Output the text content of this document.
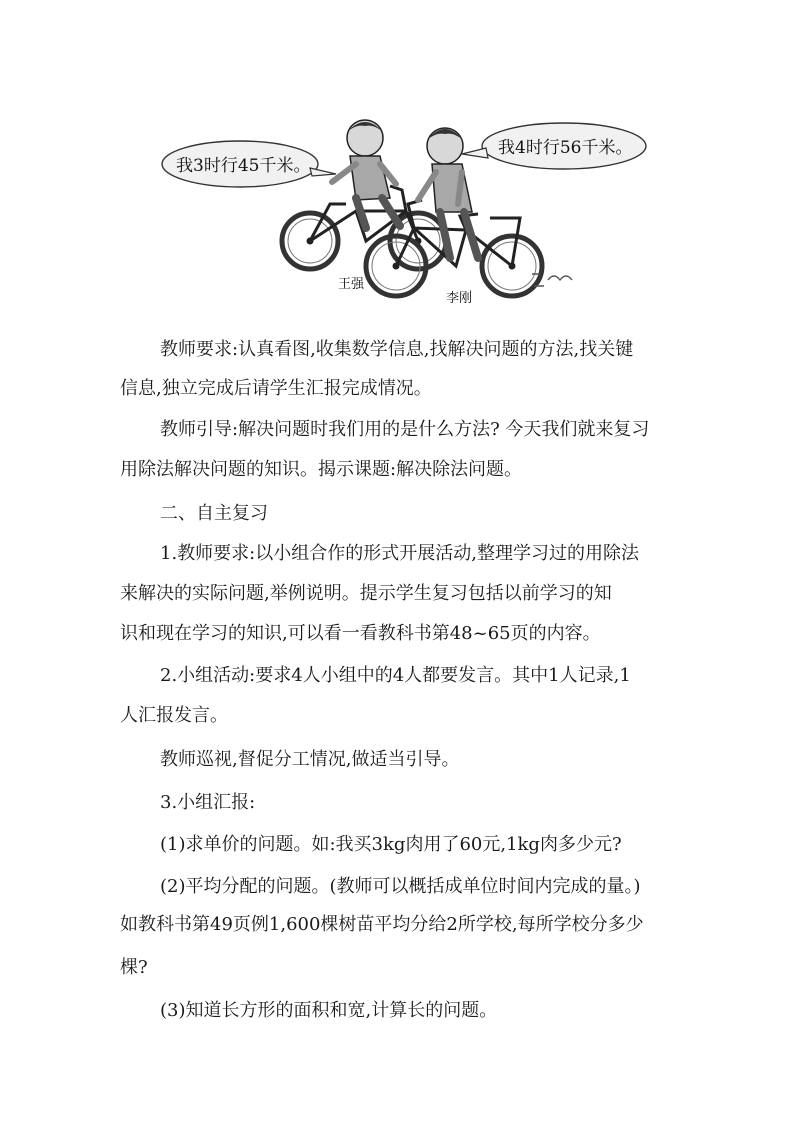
我3时行45千米。
我4时行56千米。
王强
李刚
教师要求:认真看图,收集数学信息,找解决问题的方法,找关键
信息,独立完成后请学生汇报完成情况。
教师引导:解决问题时我们用的是什么方法? 今天我们就来复习
用除法解决问题的知识。揭示课题:解决除法问题。
二、自主复习
1.教师要求:以小组合作的形式开展活动,整理学习过的用除法
来解决的实际问题,举例说明。提示学生复习包括以前学习的知
识和现在学习的知识,可以看一看教科书第48~65页的内容。
2.小组活动:要求4人小组中的4人都要发言。其中1人记录,1
人汇报发言。
教师巡视,督促分工情况,做适当引导。
3.小组汇报:
(1)求单价的问题。如:我买3kg肉用了60元,1kg肉多少元?
(2)平均分配的问题。(教师可以概括成单位时间内完成的量。)
如教科书第49页例1,600棵树苗平均分给2所学校,每所学校分多少
棵?
(3)知道长方形的面积和宽,计算长的问题。
